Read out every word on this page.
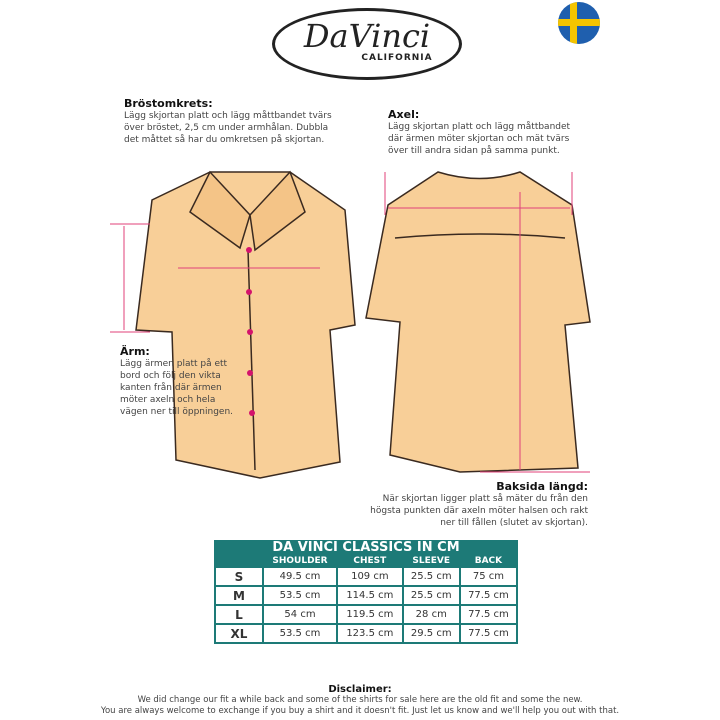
DaVinci
CALIFORNIA
Bröstomkrets:
Lägg skjortan platt och lägg måttbandet tvärs över bröstet, 2,5 cm under armhålan. Dubbla det måttet så har du omkretsen på skjortan.
Axel:
Lägg skjortan platt och lägg måttbandet där ärmen möter skjortan och mät tvärs över till andra sidan på samma punkt.
Ärm:
Lägg ärmen platt på ett bord och följ den vikta kanten från där ärmen möter axeln och hela vägen ner till öppningen.
Baksida längd:
När skjortan ligger platt så mäter du från den högsta punkten där axeln möter halsen och rakt ner till fållen (slutet av skjortan).
DA VINCI CLASSICS IN CM				
	SHOULDER	CHEST	SLEEVE	BACK
S	49.5 cm	109 cm	25.5 cm	75 cm
M	53.5 cm	114.5 cm	25.5 cm	77.5 cm
L	54 cm	119.5 cm	28 cm	77.5 cm
XL	53.5 cm	123.5 cm	29.5 cm	77.5 cm
Disclaimer:
We did change our fit a while back and some of the shirts for sale here are the old fit and some the new.
You are always welcome to exchange if you buy a shirt and it doesn't fit. Just let us know and we'll help you out with that.
